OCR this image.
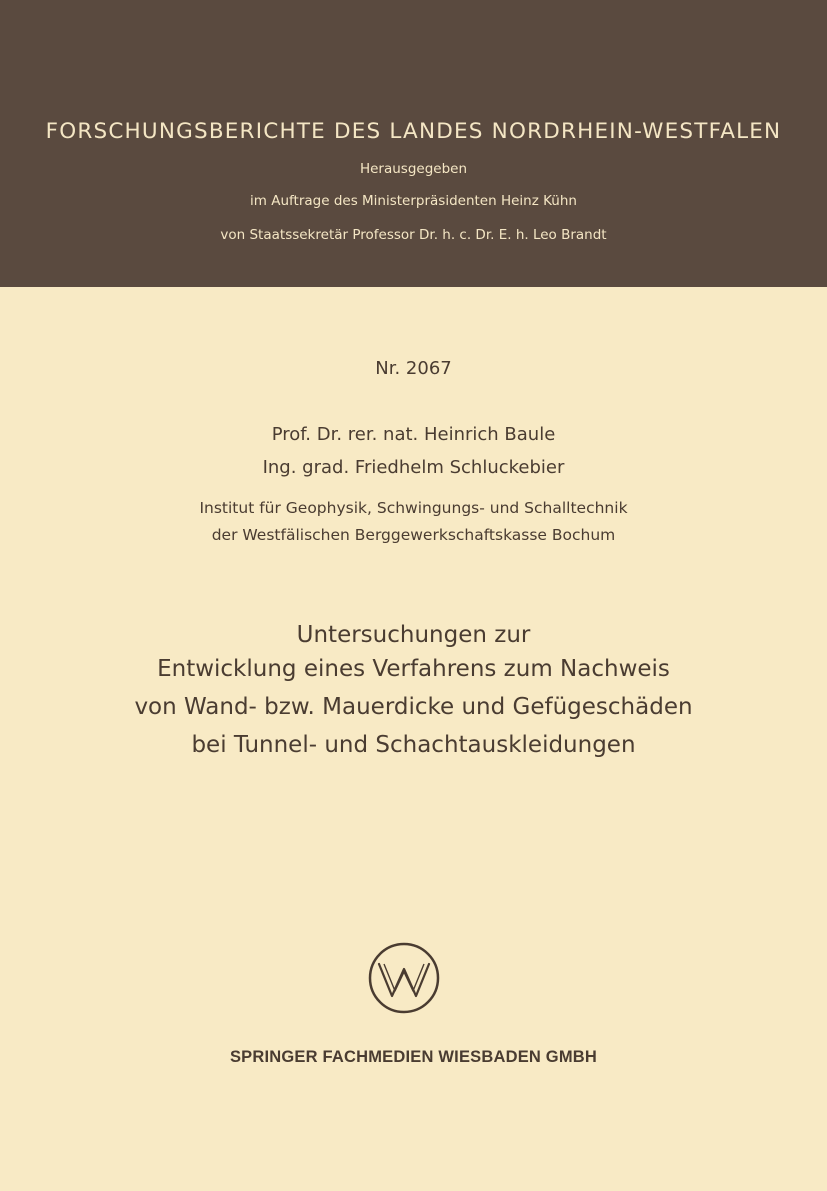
FORSCHUNGSBERICHTE DES LANDES NORDRHEIN-WESTFALEN
Herausgegeben
im Auftrage des Ministerpräsidenten Heinz Kühn
von Staatssekretär Professor Dr. h. c. Dr. E. h. Leo Brandt
Nr. 2067
Prof. Dr. rer. nat. Heinrich Baule
Ing. grad. Friedhelm Schluckebier
Institut für Geophysik, Schwingungs- und Schalltechnik
der Westfälischen Berggewerkschaftskasse Bochum
Untersuchungen zur
Entwicklung eines Verfahrens zum Nachweis
von Wand- bzw. Mauerdicke und Gefügeschäden
bei Tunnel- und Schachtauskleidungen
SPRINGER FACHMEDIEN WIESBADEN GMBH
